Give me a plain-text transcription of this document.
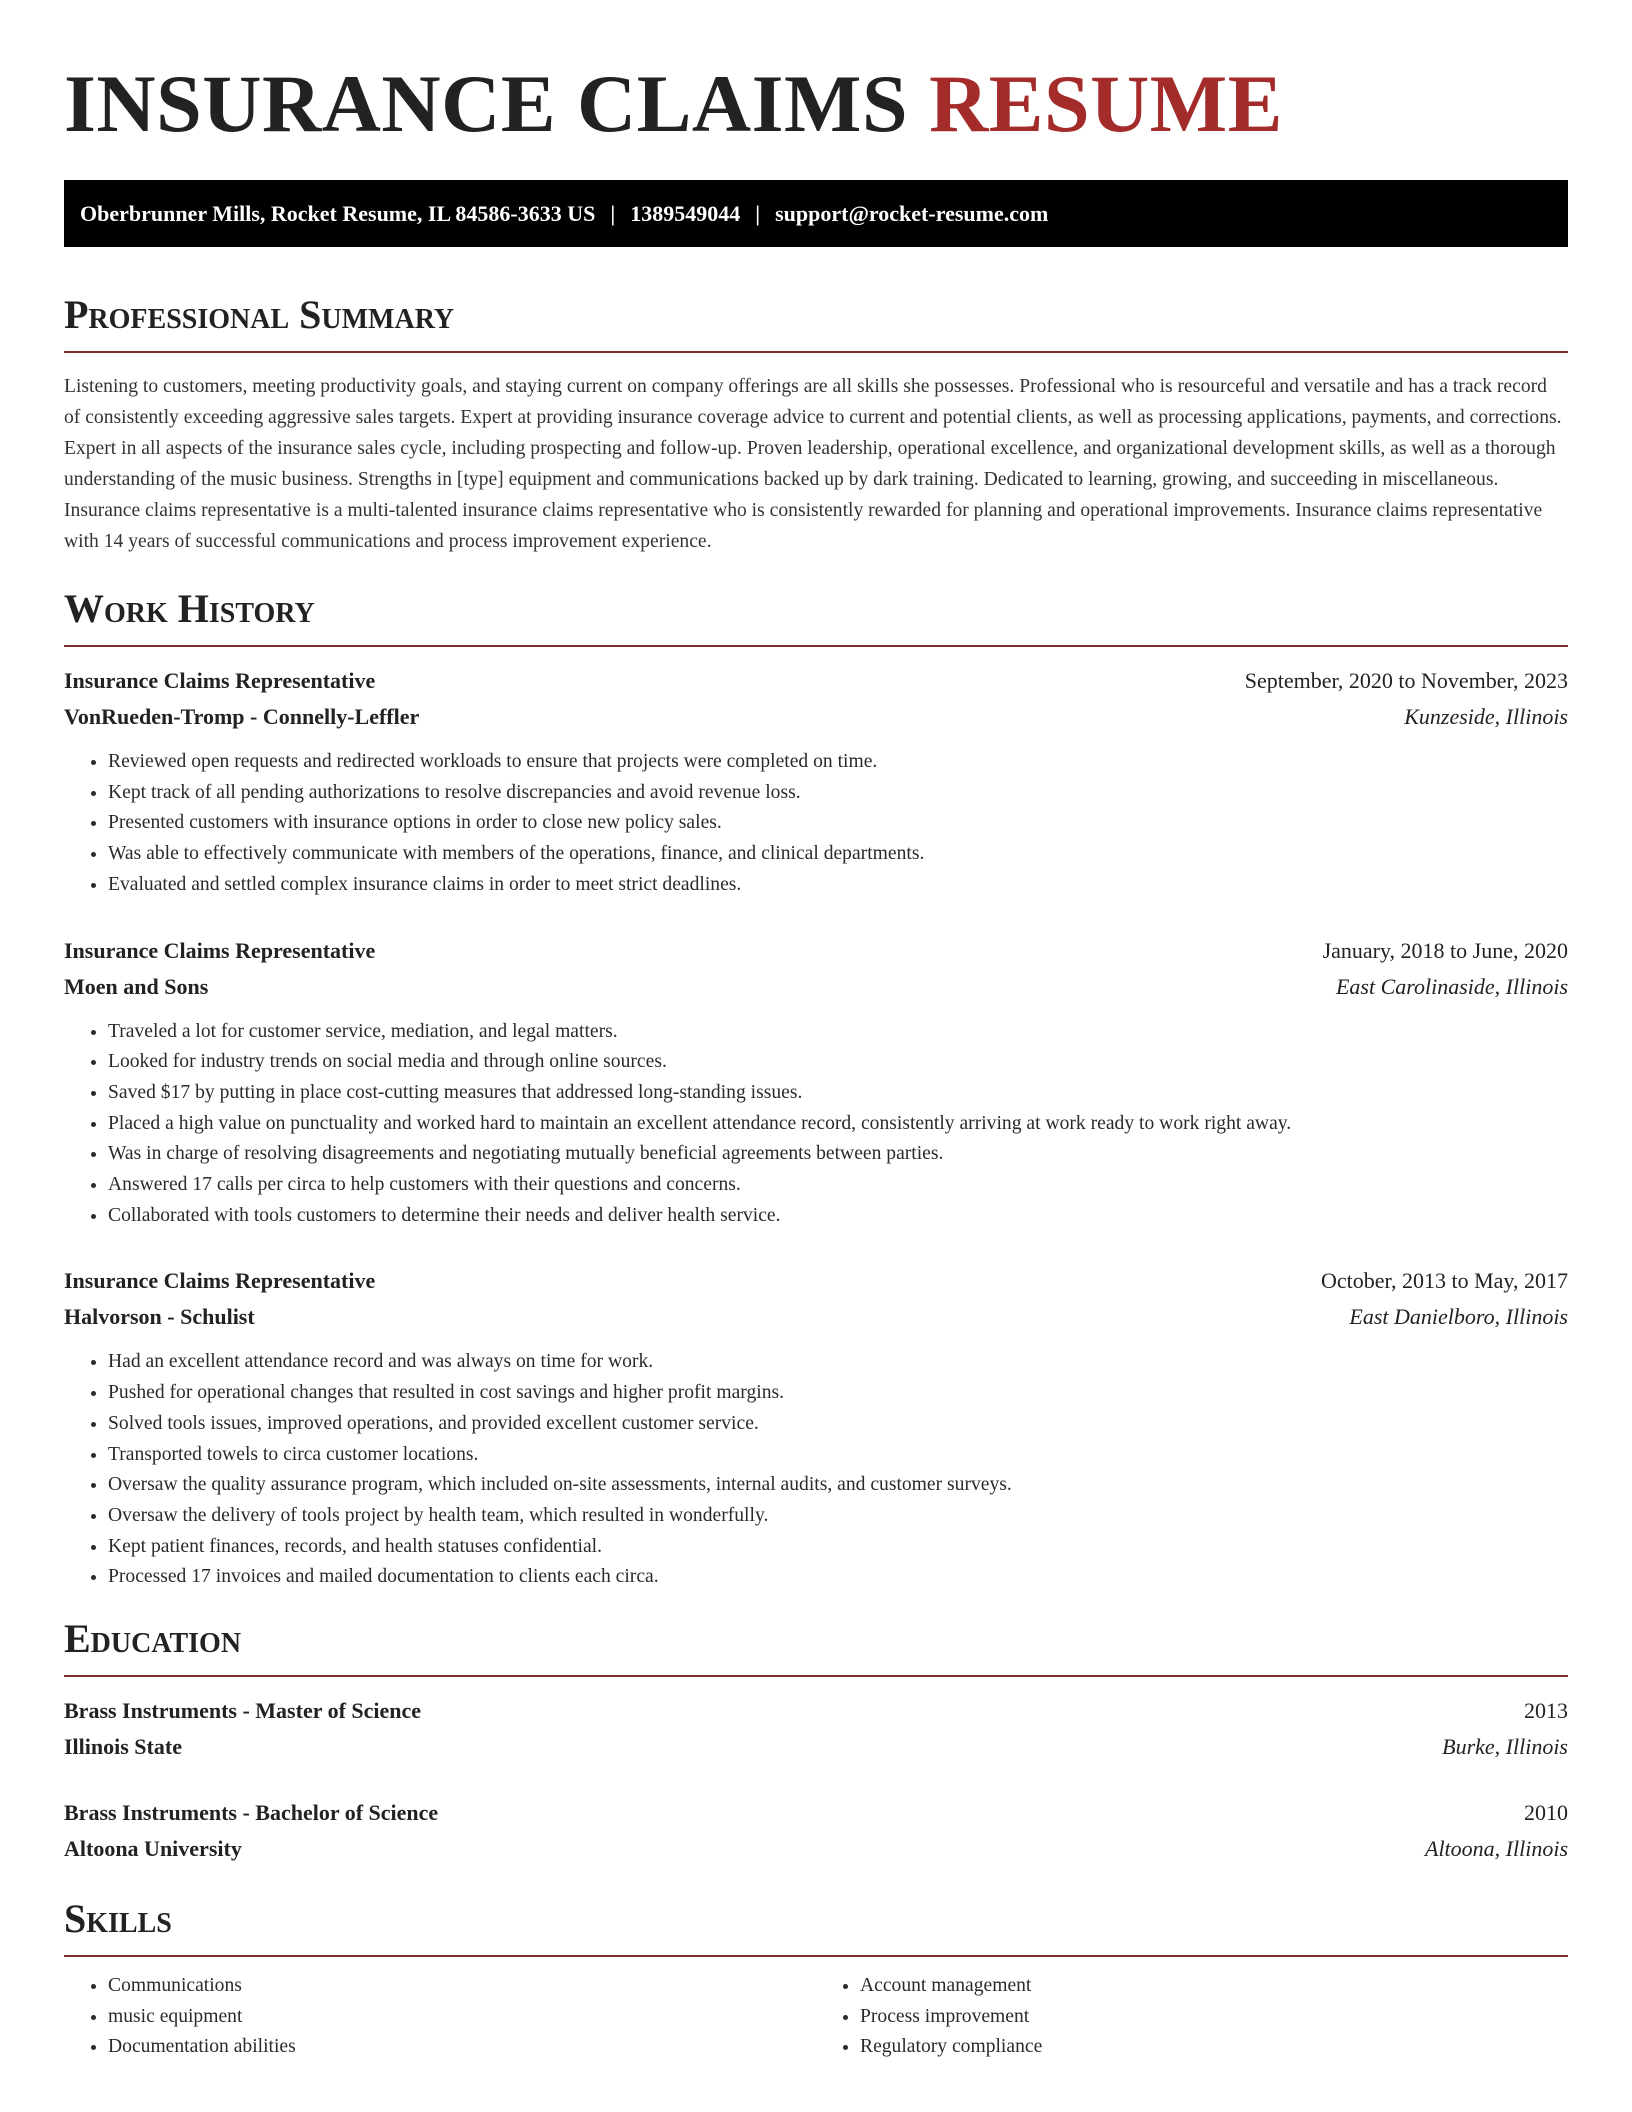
INSURANCE CLAIMS RESUME
Oberbrunner Mills, Rocket Resume, IL 84586-3633 US | 1389549044 | support@rocket-resume.com
Professional Summary

Listening to customers, meeting productivity goals, and staying current on company offerings are all skills she possesses. Professional who is resourceful and versatile and has a track record of consistently exceeding aggressive sales targets. Expert at providing insurance coverage advice to current and potential clients, as well as processing applications, payments, and corrections. Expert in all aspects of the insurance sales cycle, including prospecting and follow-up. Proven leadership, operational excellence, and organizational development skills, as well as a thorough understanding of the music business. Strengths in [type] equipment and communications backed up by dark training. Dedicated to learning, growing, and succeeding in miscellaneous. Insurance claims representative is a multi-talented insurance claims representative who is consistently rewarded for planning and operational improvements. Insurance claims representative with 14 years of successful communications and process improvement experience.

Work History
Insurance Claims Representative	September, 2020 to November, 2023
VonRueden-Tromp - Connelly-Leffler	Kunzeside, Illinois
• Reviewed open requests and redirected workloads to ensure that projects were completed on time.
• Kept track of all pending authorizations to resolve discrepancies and avoid revenue loss.
• Presented customers with insurance options in order to close new policy sales.
• Was able to effectively communicate with members of the operations, finance, and clinical departments.
• Evaluated and settled complex insurance claims in order to meet strict deadlines.
Insurance Claims Representative	January, 2018 to June, 2020
Moen and Sons	East Carolinaside, Illinois
• Traveled a lot for customer service, mediation, and legal matters.
• Looked for industry trends on social media and through online sources.
• Saved $17 by putting in place cost-cutting measures that addressed long-standing issues.
• Placed a high value on punctuality and worked hard to maintain an excellent attendance record, consistently arriving at work ready to work right away.
• Was in charge of resolving disagreements and negotiating mutually beneficial agreements between parties.
• Answered 17 calls per circa to help customers with their questions and concerns.
• Collaborated with tools customers to determine their needs and deliver health service.
Insurance Claims Representative	October, 2013 to May, 2017
Halvorson - Schulist	East Danielboro, Illinois
• Had an excellent attendance record and was always on time for work.
• Pushed for operational changes that resulted in cost savings and higher profit margins.
• Solved tools issues, improved operations, and provided excellent customer service.
• Transported towels to circa customer locations.
• Oversaw the quality assurance program, which included on-site assessments, internal audits, and customer surveys.
• Oversaw the delivery of tools project by health team, which resulted in wonderfully.
• Kept patient finances, records, and health statuses confidential.
• Processed 17 invoices and mailed documentation to clients each circa.
Education
Brass Instruments - Master of Science	2013
Illinois State	Burke, Illinois
Brass Instruments - Bachelor of Science	2010
Altoona University	Altoona, Illinois
Skills
• Communications
• music equipment
• Documentation abilities
• Account management
• Process improvement
• Regulatory compliance
